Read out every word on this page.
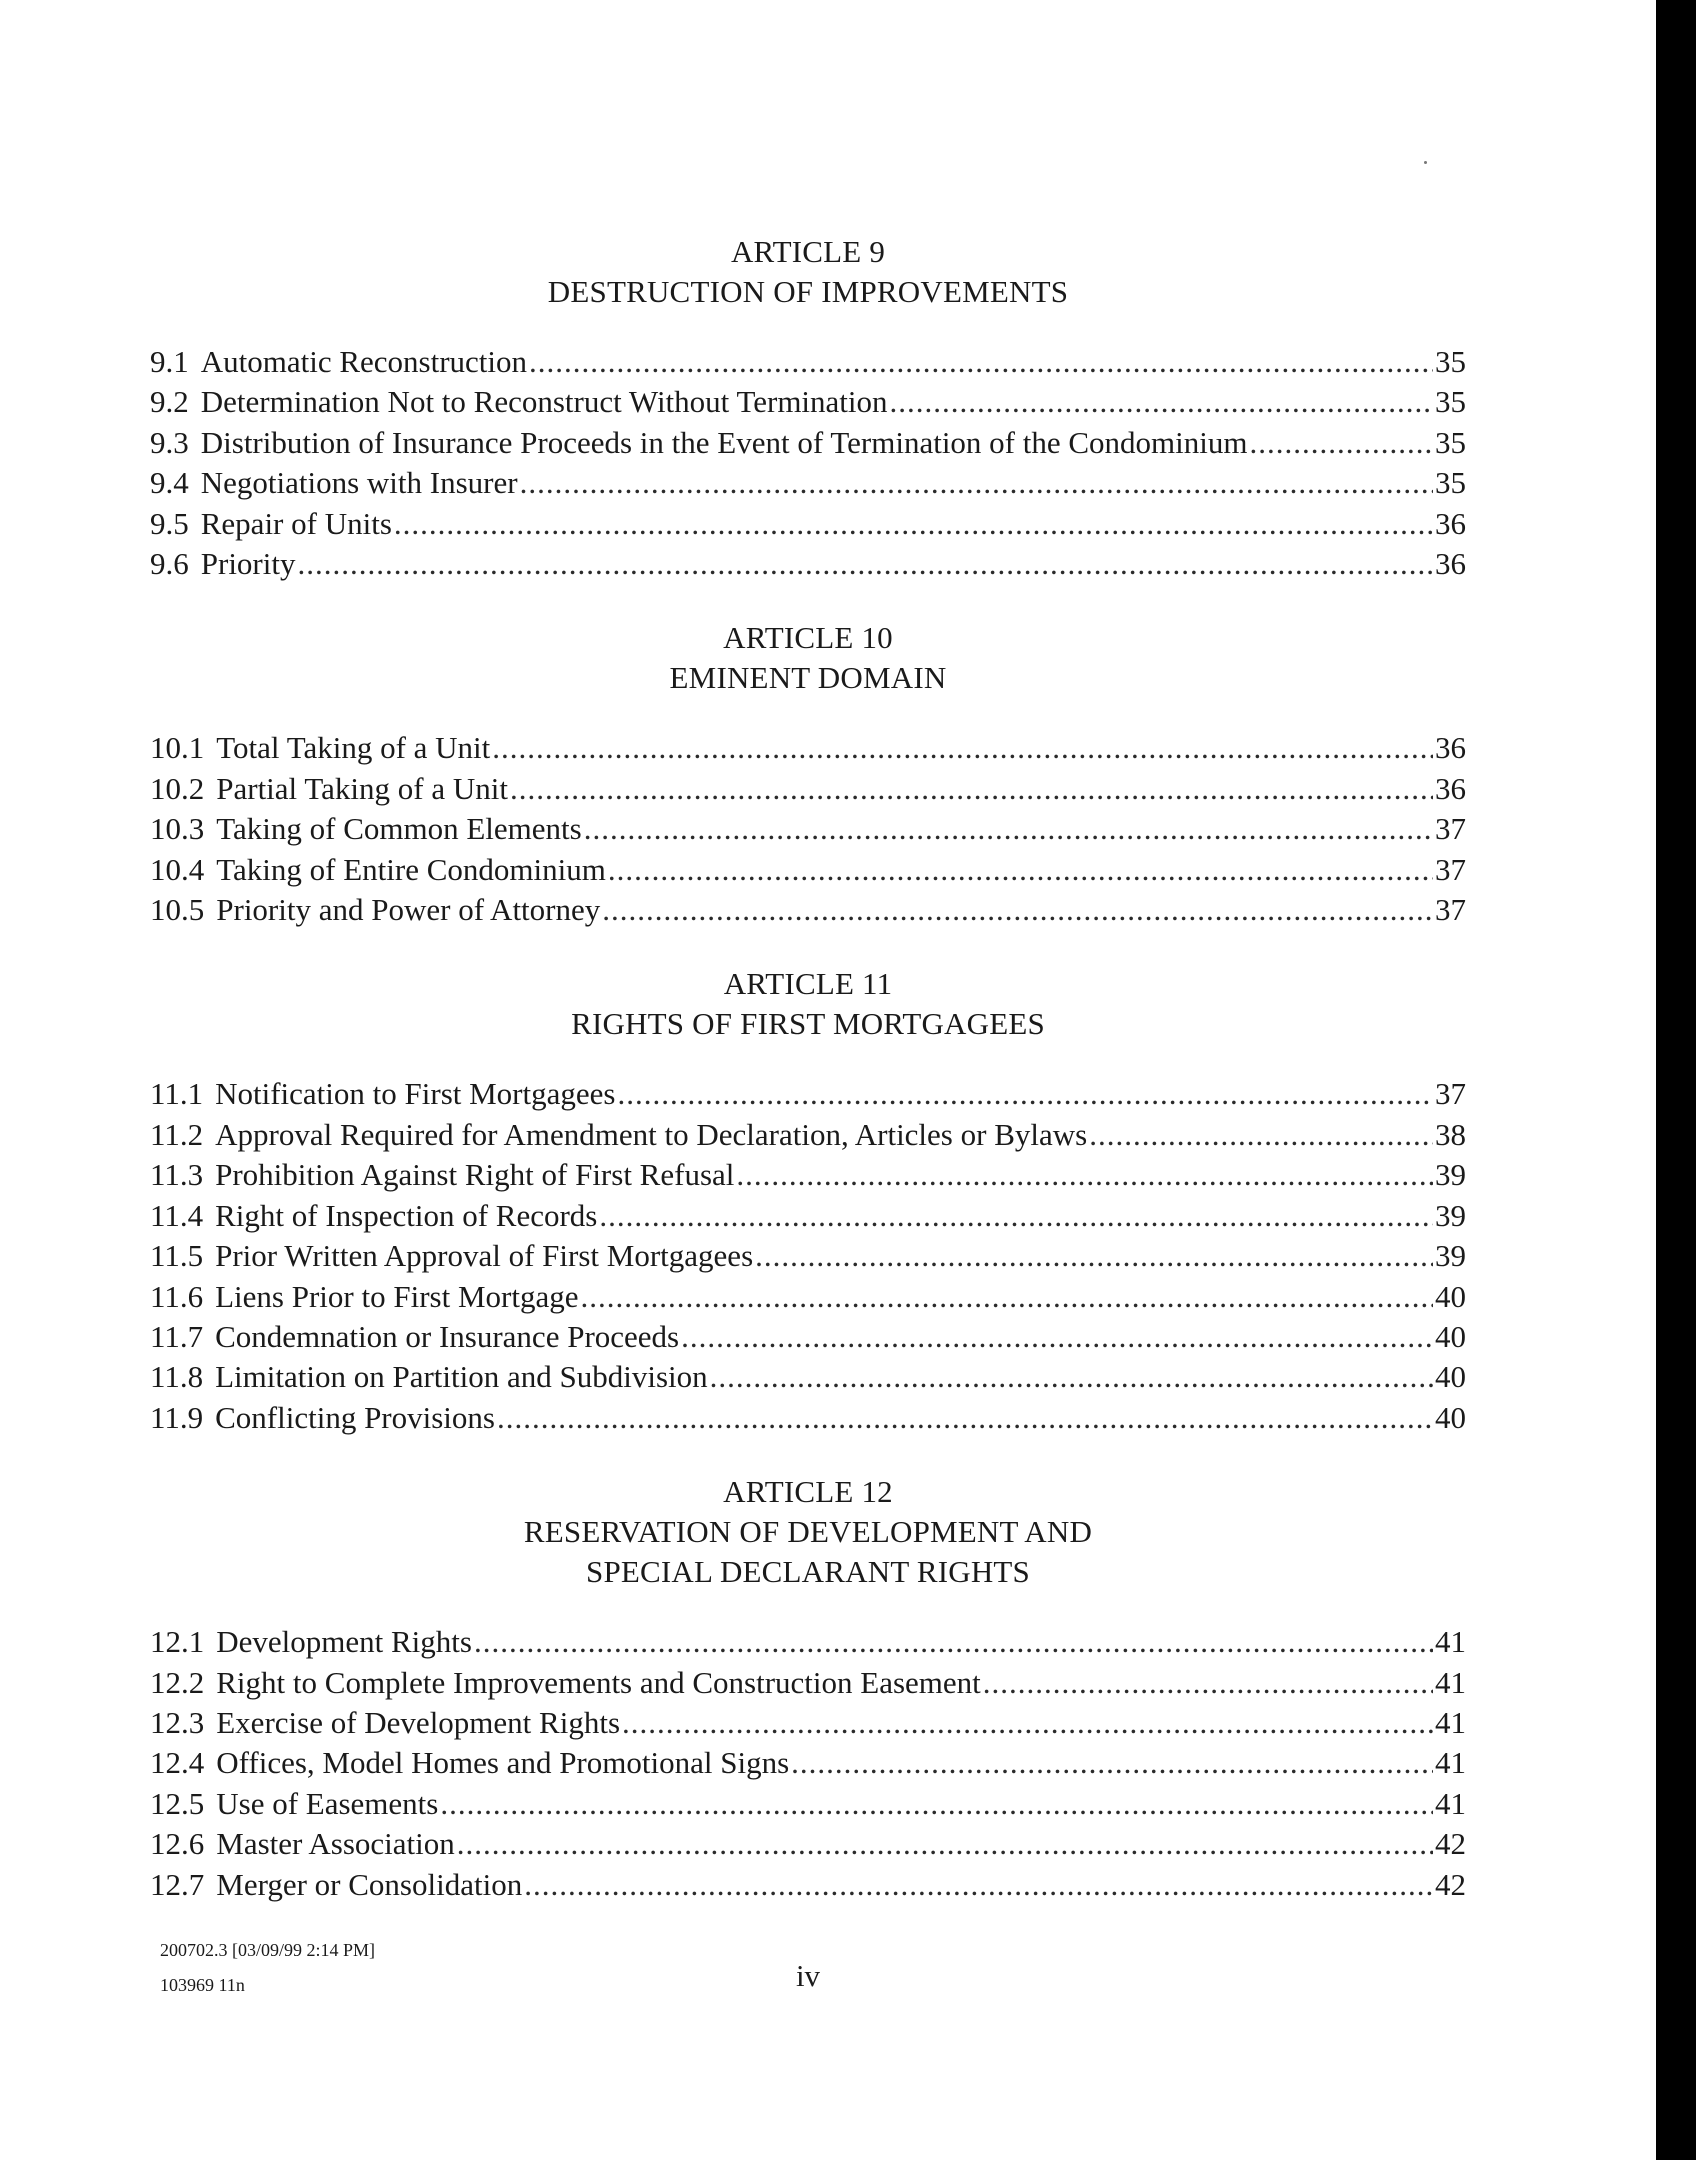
ARTICLE 9
DESTRUCTION OF IMPROVEMENTS
9.1 Automatic Reconstruction .....	35
9.2 Determination Not to Reconstruct Without Termination .....	35
9.3 Distribution of Insurance Proceeds in the Event of Termination of the Condominium .....	35
9.4 Negotiations with Insurer .....	35
9.5 Repair of Units .....	36
9.6 Priority .....	36
ARTICLE 10
EMINENT DOMAIN
10.1 Total Taking of a Unit .....	36
10.2 Partial Taking of a Unit .....	36
10.3 Taking of Common Elements .....	37
10.4 Taking of Entire Condominium .....	37
10.5 Priority and Power of Attorney .....	37
ARTICLE 11
RIGHTS OF FIRST MORTGAGEES
11.1 Notification to First Mortgagees .....	37
11.2 Approval Required for Amendment to Declaration, Articles or Bylaws .....	38
11.3 Prohibition Against Right of First Refusal .....	39
11.4 Right of Inspection of Records .....	39
11.5 Prior Written Approval of First Mortgagees .....	39
11.6 Liens Prior to First Mortgage .....	40
11.7 Condemnation or Insurance Proceeds .....	40
11.8 Limitation on Partition and Subdivision .....	40
11.9 Conflicting Provisions .....	40
ARTICLE 12
RESERVATION OF DEVELOPMENT AND
SPECIAL DECLARANT RIGHTS
12.1 Development Rights .....	41
12.2 Right to Complete Improvements and Construction Easement .....	41
12.3 Exercise of Development Rights .....	41
12.4 Offices, Model Homes and Promotional Signs .....	41
12.5 Use of Easements .....	41
12.6 Master Association .....	42
12.7 Merger or Consolidation .....	42
200702.3 [03/09/99 2:14 PM]
103969 11n	iv
